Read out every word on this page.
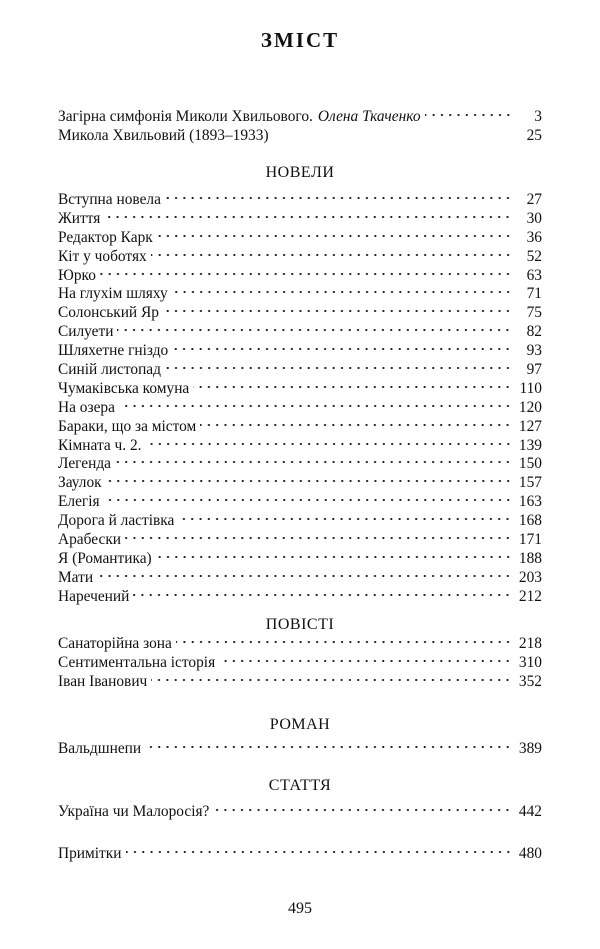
ЗМІСТ
Загірна симфонія Миколи Хвильового. Олена Ткаченко	3
Микола Хвильовий (1893–1933)	25
НОВЕЛИ
Вступна новела	27
Життя	30
Редактор Карк	36
Кіт у чоботях	52
Юрко	63
На глухім шляху	71
Солонський Яр	75
Силуети	82
Шляхетне гніздо	93
Синій листопад	97
Чумаківська комуна	110
На озера	120
Бараки, що за містом	127
Кімната ч. 2.	139
Легенда	150
Заулок	157
Елегія	163
Дорога й ластівка	168
Арабески	171
Я (Романтика)	188
Мати	203
Наречений	212
ПОВІСТІ
Санаторійна зона	218
Сентиментальна історія	310
Іван Іванович	352
РОМАН
Вальдшнепи	389
СТАТТЯ
Україна чи Малоросія?	442
Примітки	480
495
